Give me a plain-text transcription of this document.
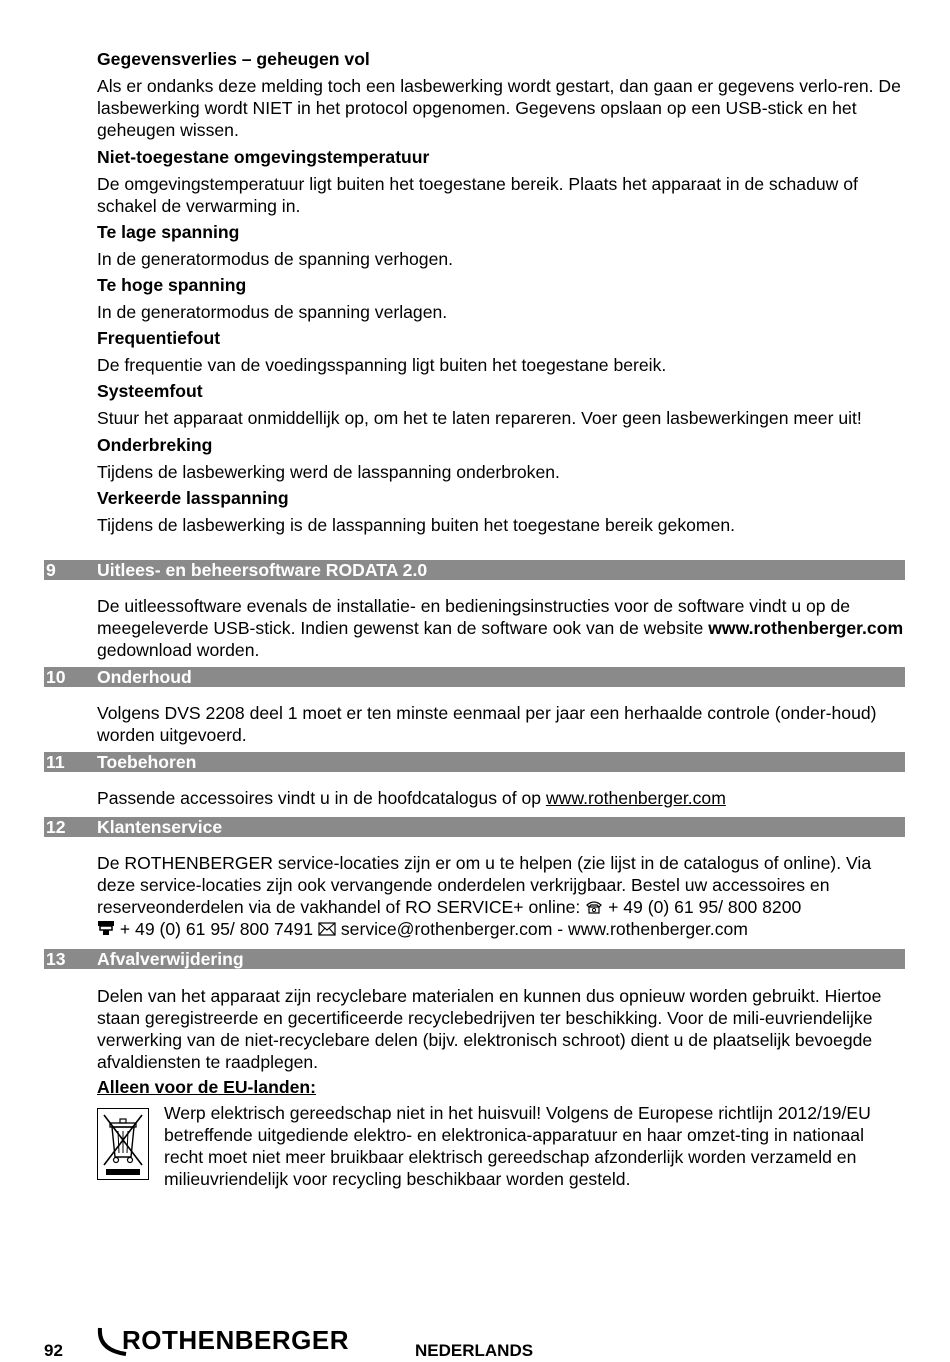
Gegevensverlies – geheugen vol

Als er ondanks deze melding toch een lasbewerking wordt gestart, dan gaan er gegevens verlo-ren. De lasbewerking wordt NIET in het protocol opgenomen. Gegevens opslaan op een USB-stick en het geheugen wissen.

Niet-toegestane omgevingstemperatuur

De omgevingstemperatuur ligt buiten het toegestane bereik. Plaats het apparaat in de schaduw of schakel de verwarming in.

Te lage spanning

In de generatormodus de spanning verhogen.

Te hoge spanning

In de generatormodus de spanning verlagen.

Frequentiefout

De frequentie van de voedingsspanning ligt buiten het toegestane bereik.

Systeemfout

Stuur het apparaat onmiddellijk op, om het te laten repareren. Voer geen lasbewerkingen meer uit!

Onderbreking

Tijdens de lasbewerking werd de lasspanning onderbroken.

Verkeerde lasspanning

Tijdens de lasbewerking is de lasspanning buiten het toegestane bereik gekomen.

9 Uitlees- en beheersoftware RODATA 2.0
De uitleessoftware evenals de installatie- en bedieningsinstructies voor de software vindt u op de meegeleverde USB-stick. Indien gewenst kan de software ook van de website www.rothenberger.com gedownload worden.
10 Onderhoud
Volgens DVS 2208 deel 1 moet er ten minste eenmaal per jaar een herhaalde controle (onder-houd) worden uitgevoerd.
11 Toebehoren
Passende accessoires vindt u in de hoofdcatalogus of op www.rothenberger.com
12 Klantenservice
De ROTHENBERGER service-locaties zijn er om u te helpen (zie lijst in de catalogus of online). Via deze service-locaties zijn ook vervangende onderdelen verkrijgbaar. Bestel uw accessoires en reserveonderdelen via de vakhandel of RO SERVICE+ online: + 49 (0) 61 95/ 800 8200
+ 49 (0) 61 95/ 800 7491 service@rothenberger.com - www.rothenberger.com
13 Afvalverwijdering
Delen van het apparaat zijn recyclebare materialen en kunnen dus opnieuw worden gebruikt. Hiertoe staan geregistreerde en gecertificeerde recyclebedrijven ter beschikking. Voor de mili-euvriendelijke verwerking van de niet-recyclebare delen (bijv. elektronisch schroot) dient u de plaatselijk bevoegde afvaldiensten te raadplegen.
Alleen voor de EU-landen:
Werp elektrisch gereedschap niet in het huisvuil! Volgens de Europese richtlijn 2012/19/EU betreffende uitgediende elektro- en elektronica-apparatuur en haar omzet-ting in nationaal recht moet niet meer bruikbaar elektrisch gereedschap afzonderlijk worden verzameld en milieuvriendelijk voor recycling beschikbaar worden gesteld.
92 ROTHENBERGER	NEDERLANDS
